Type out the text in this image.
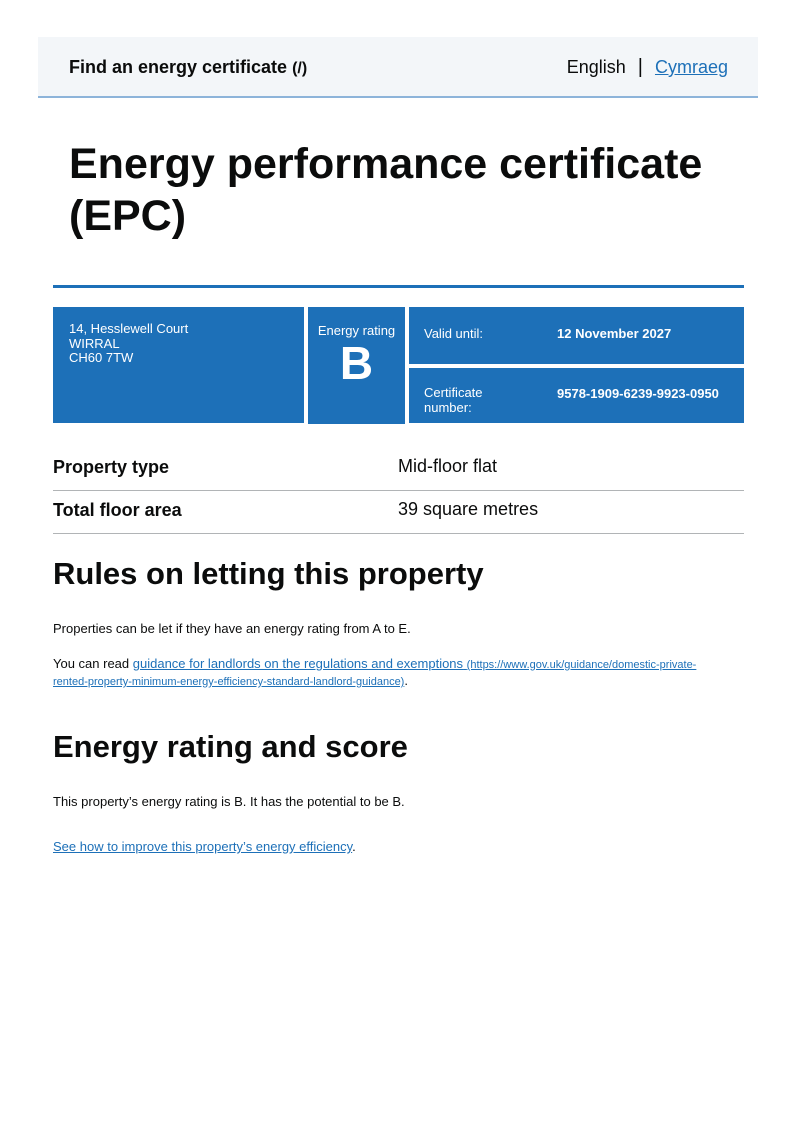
Find an energy certificate (/)	English | Cymraeg
Energy performance certificate (EPC)
14, Hesslewell Court
WIRRAL
CH60 7TW
Energy rating
B
Valid until:	12 November 2027
Certificate number:
9578-1909-6239-9923-0950
Property type	Mid-floor flat
Total floor area	39 square metres
Rules on letting this property

Properties can be let if they have an energy rating from A to E.

You can read guidance for landlords on the regulations and exemptions (https://www.gov.uk/guidance/domestic-private-
rented-property-minimum-energy-efficiency-standard-landlord-guidance).

Energy rating and score

This property’s energy rating is B. It has the potential to be B.

See how to improve this property’s energy efficiency.
